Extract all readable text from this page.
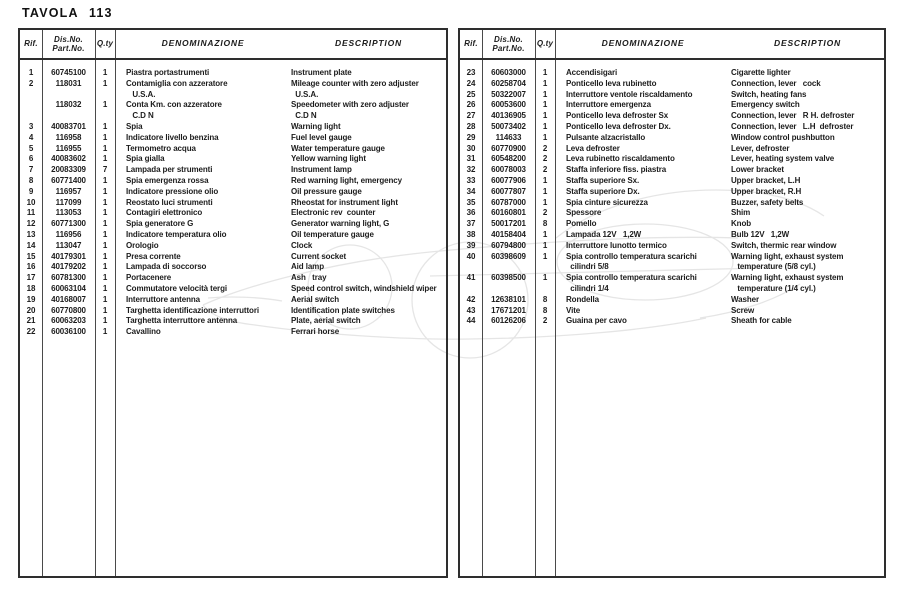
TAVOLA 113
Rif.
Dis.No.
Part.No.
Q.ty	DENOMINAZIONE	DESCRIPTION
1	60745100	1	Piastra portastrumenti	Instrument plate
2	118031	1	Contamiglia con azzeratore	Mileage counter with zero adjuster
U.S.A.	U.S.A.
118032	1	Conta Km. con azzeratore	Speedometer with zero adjuster
C.D N	C.D N
3	40083701	1	Spia	Warning light
4	116958	1	Indicatore livello benzina	Fuel level gauge
5	116955	1	Termometro acqua	Water temperature gauge
6	40083602	1	Spia gialla	Yellow warning light
7	20083309	7	Lampada per strumenti	Instrument lamp
8	60771400	1	Spia emergenza rossa	Red warning light, emergency
9	116957	1	Indicatore pressione olio	Oil pressure gauge
10	117099	1	Reostato luci strumenti	Rheostat for instrument light
11	113053	1	Contagiri elettronico	Electronic rev  counter
12	60771300	1	Spia generatore G	Generator warning light, G
13	116956	1	Indicatore temperatura olio	Oil temperature gauge
14	113047	1	Orologio	Clock
15	40179301	1	Presa corrente	Current socket
16	40179202	1	Lampada di soccorso	Aid lamp
17	60781300	1	Portacenere	Ash   tray
18	60063104	1	Commutatore velocità tergi	Speed control switch, windshield wiper
19	40168007	1	Interruttore antenna	Aerial switch
20	60770800	1	Targhetta identificazione interruttori	Identification plate switches
21	60063203	1	Targhetta interruttore antenna	Plate, aerial switch
22	60036100	1	Cavallino	Ferrari horse
Rif.
Dis.No.
Part.No.
Q.ty	DENOMINAZIONE	DESCRIPTION
23	60603000	1	Accendisigari	Cigarette lighter
24	60258704	1	Ponticello leva rubinetto	Connection, lever   cock
25	50322007	1	Interruttore ventole riscaldamento	Switch, heating fans
26	60053600	1	Interruttore emergenza	Emergency switch
27	40136905	1	Ponticello leva defroster Sx	Connection, lever   R H. defroster
28	50073402	1	Ponticello leva defroster Dx.	Connection, lever   L.H  defroster
29	114633	1	Pulsante alzacristallo	Window control pushbutton
30	60770900	2	Leva defroster	Lever, defroster
31	60548200	2	Leva rubinetto riscaldamento	Lever, heating system valve
32	60078003	2	Staffa inferiore fiss. piastra	Lower bracket
33	60077906	1	Staffa superiore Sx.	Upper bracket, L.H
34	60077807	1	Staffa superiore Dx.	Upper bracket, R.H
35	60787000	1	Spia cinture sicurezza	Buzzer, safety belts
36	60160801	2	Spessore	Shim
37	50017201	8	Pomello	Knob
38	40158404	1	Lampada 12V   1,2W	Bulb 12V   1,2W
39	60794800	1	Interruttore lunotto termico	Switch, thermic rear window
40	60398609	1	Spia controllo temperatura scarichi	Warning light, exhaust system
cilindri 5/8	temperature (5/8 cyl.)
41	60398500	1	Spia controllo temperatura scarichi	Warning light, exhaust system
cilindri 1/4	temperature (1/4 cyl.)
42	12638101	8	Rondella	Washer
43	17671201	8	Vite	Screw
44	60126206	2	Guaina per cavo	Sheath for cable
